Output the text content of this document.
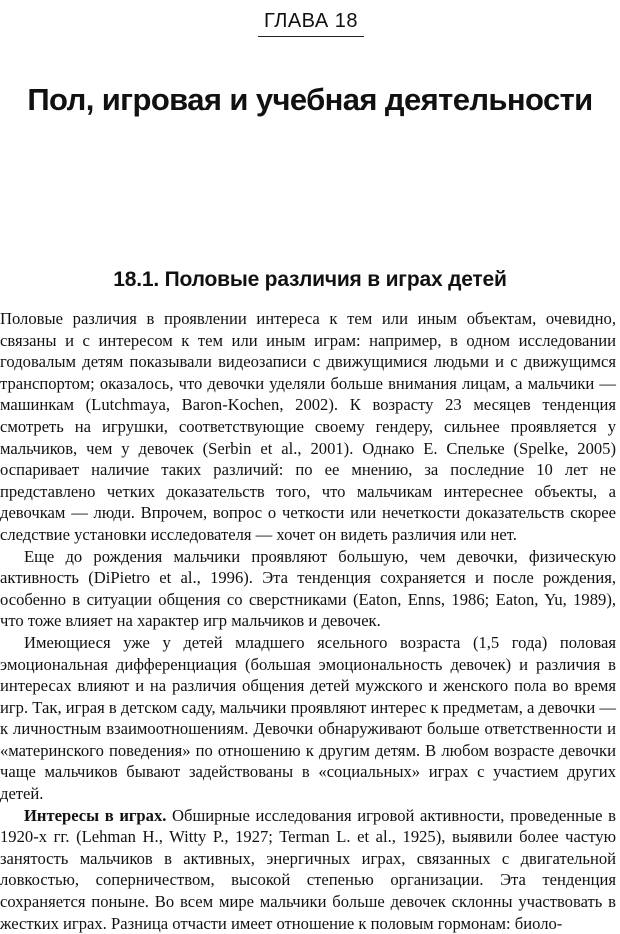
ГЛАВА 18
Пол, игровая и учебная деятельности
18.1. Половые различия в играх детей

Половые различия в проявлении интереса к тем или иным объектам, очевидно, связаны и с интересом к тем или иным играм: например, в одном исследовании годовалым детям показывали видеозаписи с движущимися людьми и с движущимся транспортом; оказалось, что девочки уделяли больше внимания лицам, а мальчики — машинкам (Lutchmaya, Baron-Kochen, 2002). К возрасту 23 месяцев тенденция смотреть на игрушки, соответствующие своему гендеру, сильнее проявляется у мальчиков, чем у девочек (Serbin et al., 2001). Однако Е. Спельке (Spelke, 2005) оспаривает наличие таких различий: по ее мнению, за последние 10 лет не представлено четких доказательств того, что мальчикам интереснее объекты, а девочкам — люди. Впрочем, вопрос о четкости или нечеткости доказательств скорее следствие установки исследователя — хочет он видеть различия или нет.

Еще до рождения мальчики проявляют большую, чем девочки, физическую активность (DiPietro et al., 1996). Эта тенденция сохраняется и после рождения, особенно в ситуации общения со сверстниками (Eaton, Enns, 1986; Eaton, Yu, 1989), что тоже влияет на характер игр мальчиков и девочек.

Имеющиеся уже у детей младшего ясельного возраста (1,5 года) половая эмоциональная дифференциация (большая эмоциональность девочек) и различия в интересах влияют и на различия общения детей мужского и женского пола во время игр. Так, играя в детском саду, мальчики проявляют интерес к предметам, а девочки — к личностным взаимоотношениям. Девочки обнаруживают больше ответственности и «материнского поведения» по отношению к другим детям. В любом возрасте девочки чаще мальчиков бывают задействованы в «социальных» играх с участием других детей.

Интересы в играх. Обширные исследования игровой активности, проведенные в 1920-х гг. (Lehman H., Witty P., 1927; Terman L. et al., 1925), выявили более частую занятость мальчиков в активных, энергичных играх, связанных с двигательной ловкостью, соперничеством, высокой степенью организации. Эта тенденция сохраняется поныне. Во всем мире мальчики больше девочек склонны участвовать в жестких играх. Разница отчасти имеет отношение к половым гормонам: биоло-
